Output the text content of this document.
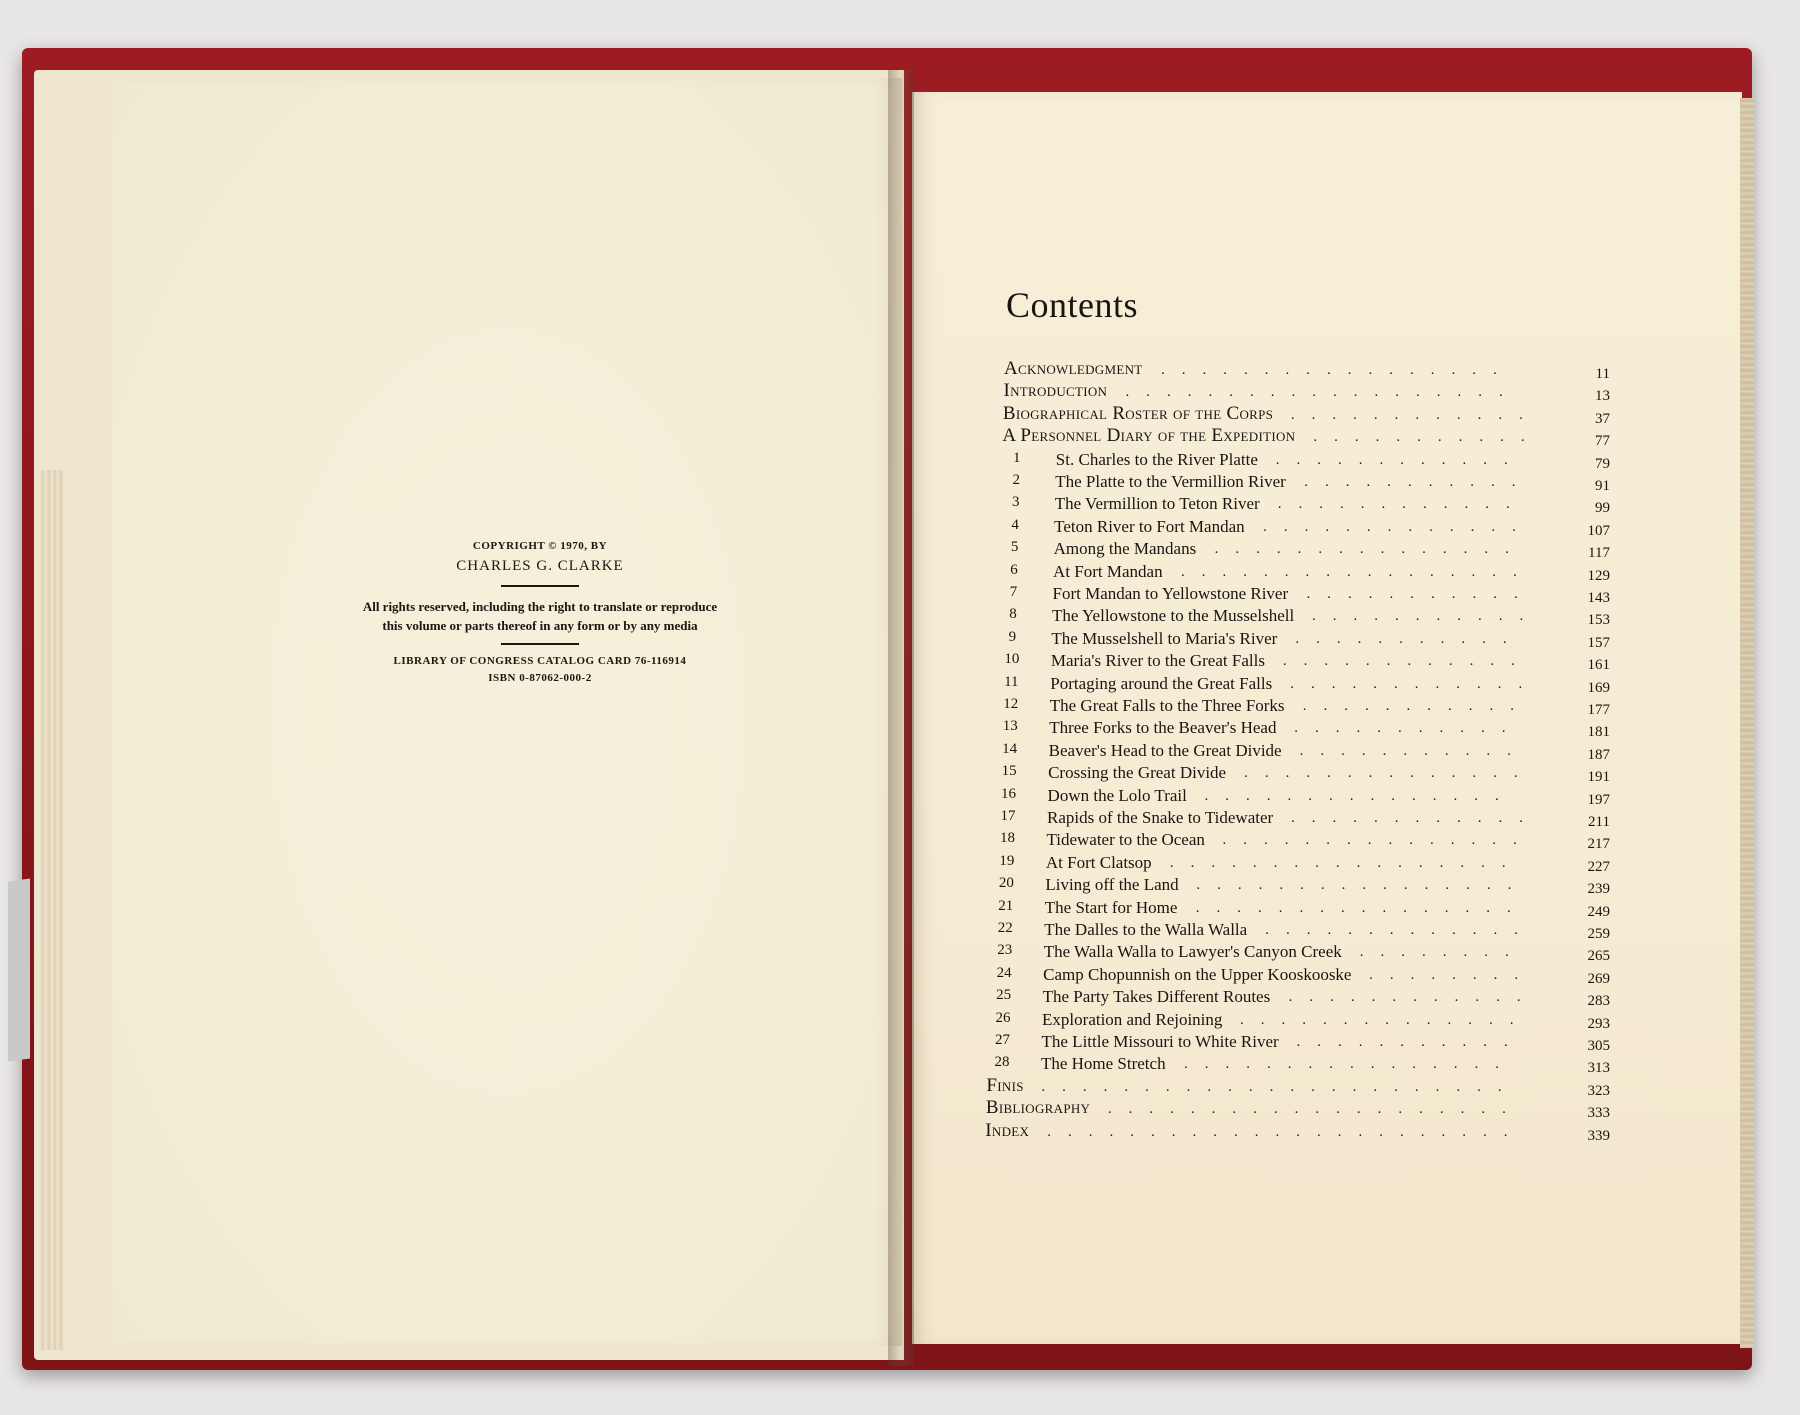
COPYRIGHT © 1970, BY
CHARLES G. CLARKE
All rights reserved, including the right to translate or reproduce
this volume or parts thereof in any form or by any media
LIBRARY OF CONGRESS CATALOG CARD 76-116914
ISBN 0-87062-000-2
Contents
Acknowledgment .................	11
Introduction ...................	13
Biographical Roster of the Corps ............	37
A Personnel Diary of the Expedition ...........	77
1	St. Charles to the River Platte ............	79
2	The Platte to the Vermillion River ...........	91
3	The Vermillion to Teton River ............	99
4	Teton River to Fort Mandan .............	107
5	Among the Mandans ...............	117
6	At Fort Mandan .................	129
7	Fort Mandan to Yellowstone River ...........	143
8	The Yellowstone to the Musselshell ...........	153
9	The Musselshell to Maria's River ...........	157
10	Maria's River to the Great Falls ............	161
11	Portaging around the Great Falls ............	169
12	The Great Falls to the Three Forks ...........	177
13	Three Forks to the Beaver's Head ...........	181
14	Beaver's Head to the Great Divide ...........	187
15	Crossing the Great Divide ..............	191
16	Down the Lolo Trail ...............	197
17	Rapids of the Snake to Tidewater ............	211
18	Tidewater to the Ocean ...............	217
19	At Fort Clatsop .................	227
20	Living off the Land ................	239
21	The Start for Home ................	249
22	The Dalles to the Walla Walla .............	259
23	The Walla Walla to Lawyer's Canyon Creek ........	265
24	Camp Chopunnish on the Upper Kooskooske ........	269
25	The Party Takes Different Routes ............	283
26	Exploration and Rejoining ..............	293
27	The Little Missouri to White River ...........	305
28	The Home Stretch ................	313
Finis .......................	323
Bibliography ....................	333
Index .......................	339
